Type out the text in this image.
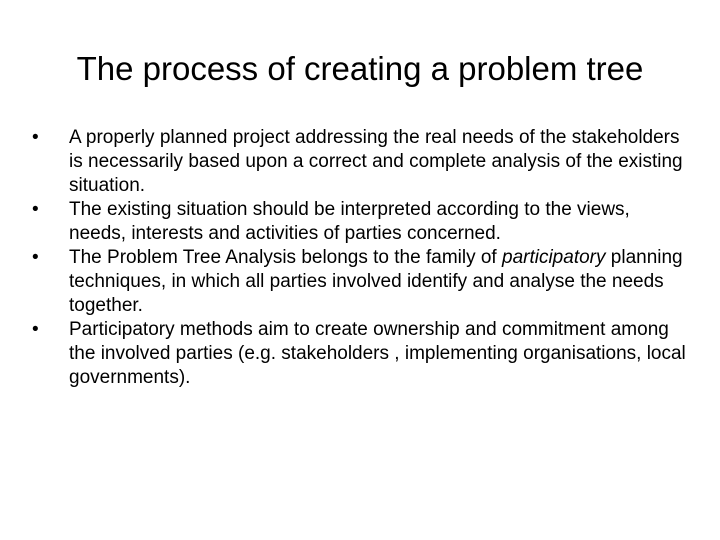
The process of creating a problem tree
•	A properly planned project addressing the real needs of the stakeholders is necessarily based upon a correct and complete analysis of the existing situation.
•	The existing situation should be interpreted according to the views, needs, interests and activities of parties concerned.
•	The Problem Tree Analysis belongs to the family of participatory planning techniques, in which all parties involved identify and analyse the needs together.
•	Participatory methods aim to create ownership and commitment among the involved parties (e.g. stakeholders , implementing organisations, local governments).
